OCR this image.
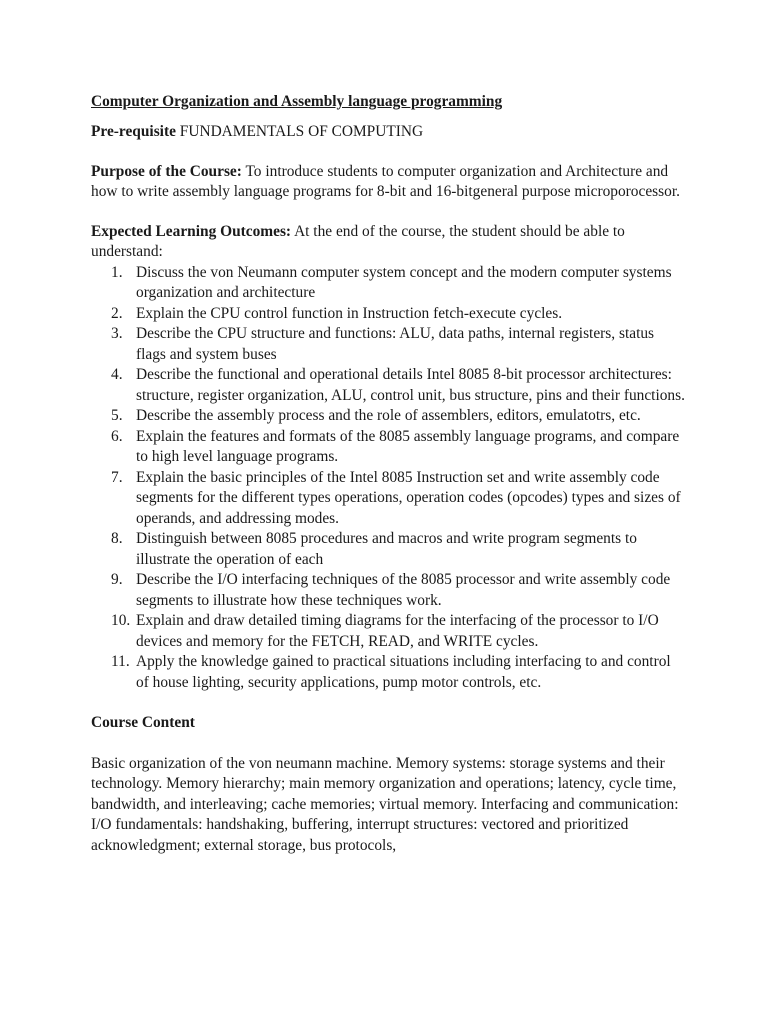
Computer Organization and Assembly language programming

Pre-requisite FUNDAMENTALS OF COMPUTING

Purpose of the Course: To introduce students to computer organization and Architecture and how to write assembly language programs for 8-bit and 16-bitgeneral purpose microporocessor.

Expected Learning Outcomes: At the end of the course, the student should be able to understand:

1. Discuss the von Neumann computer system concept and the modern computer systems organization and architecture
2. Explain the CPU control function in Instruction fetch-execute cycles.
3. Describe the CPU structure and functions: ALU, data paths, internal registers, status flags and system buses
4. Describe the functional and operational details Intel 8085 8-bit processor architectures: structure, register organization, ALU, control unit, bus structure, pins and their functions.
5. Describe the assembly process and the role of assemblers, editors, emulatotrs, etc.
6. Explain the features and formats of the 8085 assembly language programs, and compare to high level language programs.
7. Explain the basic principles of the Intel 8085 Instruction set and write assembly code segments for the different types operations, operation codes (opcodes) types and sizes of operands, and addressing modes.
8. Distinguish between 8085 procedures and macros and write program segments to illustrate the operation of each
9. Describe the I/O interfacing techniques of the 8085 processor and write assembly code segments to illustrate how these techniques work.
10. Explain and draw detailed timing diagrams for the interfacing of the processor to I/O devices and memory for the FETCH, READ, and WRITE cycles.
11. Apply the knowledge gained to practical situations including interfacing to and control of house lighting, security applications, pump motor controls, etc.

Course Content

Basic organization of the von neumann machine. Memory systems: storage systems and their technology. Memory hierarchy; main memory organization and operations; latency, cycle time, bandwidth, and interleaving; cache memories; virtual memory. Interfacing and communication: I/O fundamentals: handshaking, buffering, interrupt structures: vectored and prioritized acknowledgment; external storage, bus protocols,
